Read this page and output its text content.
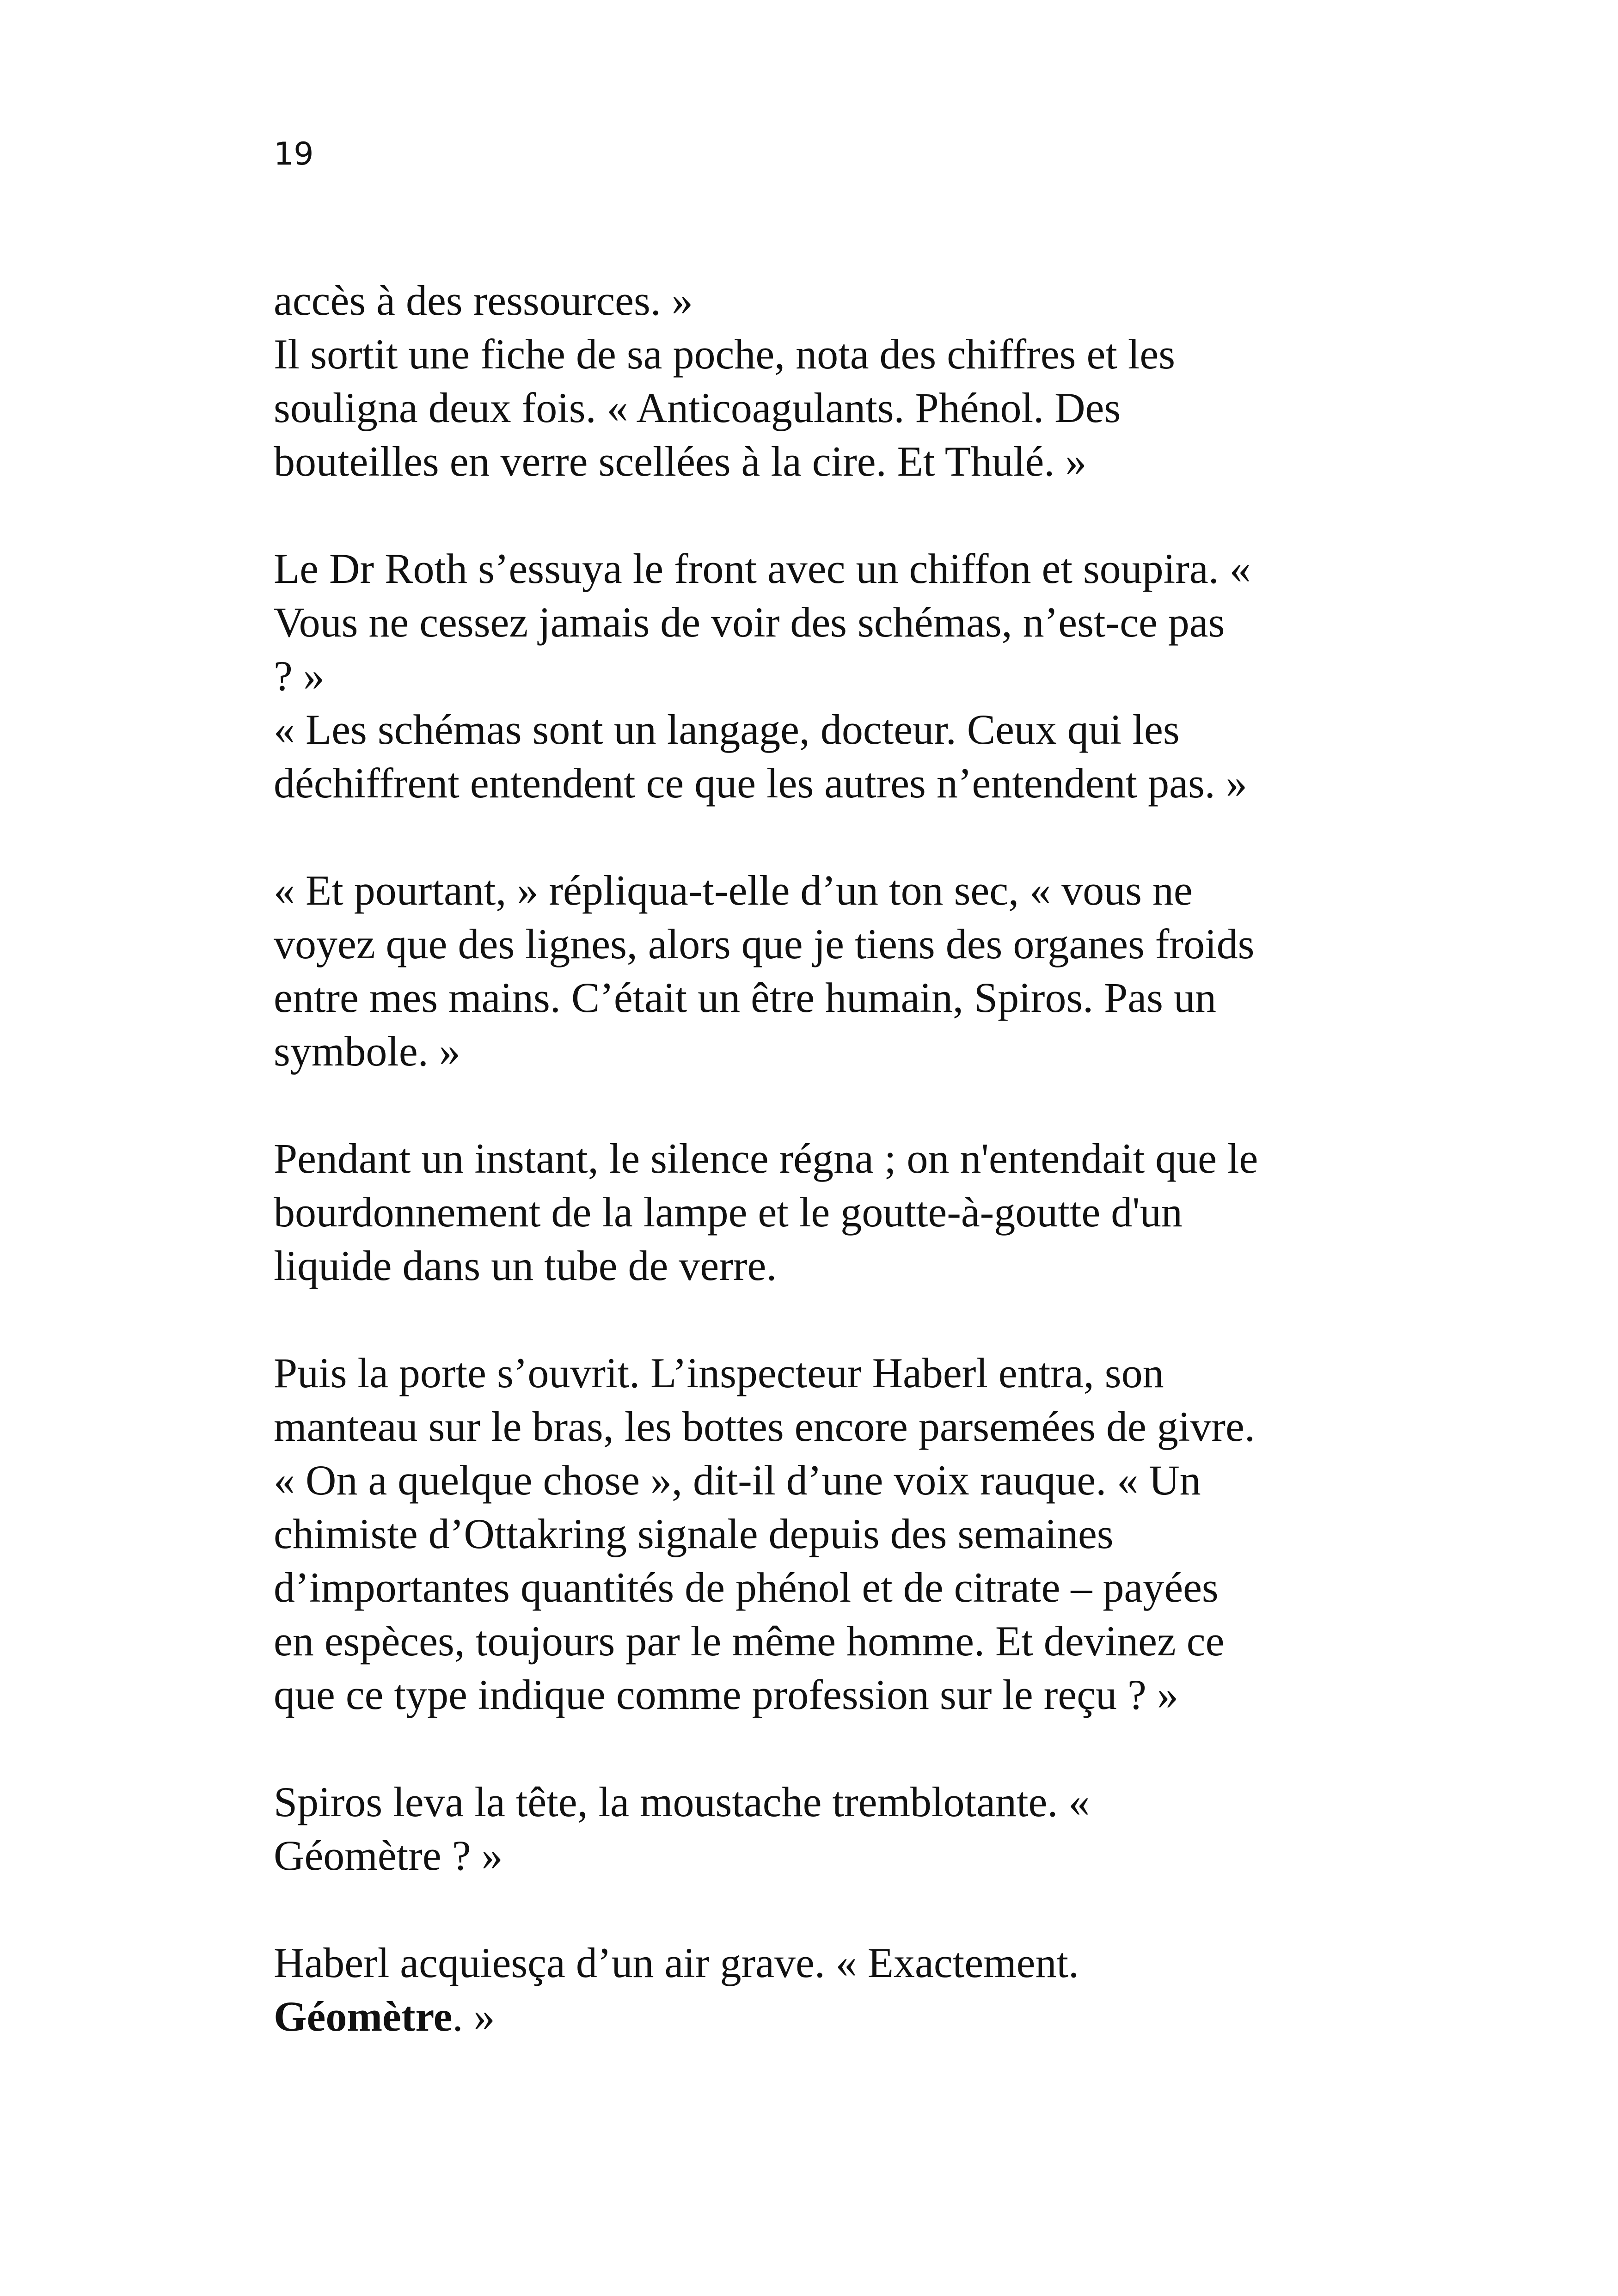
19

accès à des ressources. »
Il sortit une fiche de sa poche, nota des chiffres et les
souligna deux fois. « Anticoagulants. Phénol. Des
bouteilles en verre scellées à la cire. Et Thulé. »

Le Dr Roth s’essuya le front avec un chiffon et soupira. «
Vous ne cessez jamais de voir des schémas, n’est-ce pas
? »
« Les schémas sont un langage, docteur. Ceux qui les
déchiffrent entendent ce que les autres n’entendent pas. »

« Et pourtant, » répliqua-t-elle d’un ton sec, « vous ne
voyez que des lignes, alors que je tiens des organes froids
entre mes mains. C’était un être humain, Spiros. Pas un
symbole. »

Pendant un instant, le silence régna ; on n'entendait que le
bourdonnement de la lampe et le goutte-à-goutte d'un
liquide dans un tube de verre.

Puis la porte s’ouvrit. L’inspecteur Haberl entra, son
manteau sur le bras, les bottes encore parsemées de givre.
« On a quelque chose », dit-il d’une voix rauque. « Un
chimiste d’Ottakring signale depuis des semaines
d’importantes quantités de phénol et de citrate – payées
en espèces, toujours par le même homme. Et devinez ce
que ce type indique comme profession sur le reçu ? »

Spiros leva la tête, la moustache tremblotante. «
Géomètre ? »

Haberl acquiesça d’un air grave. « Exactement.
Géomètre. »
